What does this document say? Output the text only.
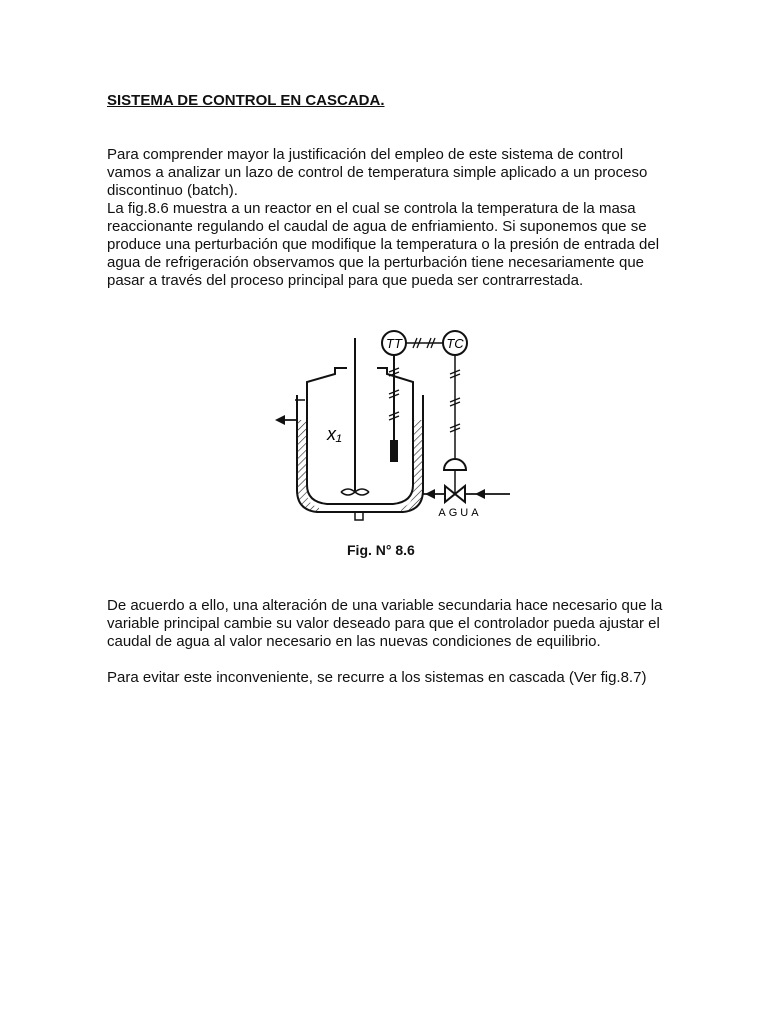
SISTEMA DE CONTROL EN CASCADA.

Para comprender mayor la justificación del empleo de este sistema de control vamos a analizar un lazo de control de temperatura simple aplicado a un proceso discontinuo (batch).

La fig.8.6 muestra a un reactor en el cual se controla la temperatura de la masa reaccionante regulando el caudal de agua de enfriamiento. Si suponemos que se produce una perturbación que modifique la temperatura o la presión de entrada del agua de refrigeración observamos que la perturbación tiene necesariamente que pasar a través del proceso principal para que pueda ser contrarrestada.

x₁
TT	TC
AGUA

Fig. N° 8.6

De acuerdo a ello, una alteración de una variable secundaria hace necesario que la variable principal cambie su valor deseado para que el controlador pueda ajustar el caudal de agua al valor necesario en las nuevas condiciones de equilibrio.

Para evitar este inconveniente, se recurre a los sistemas en cascada (Ver fig.8.7)
